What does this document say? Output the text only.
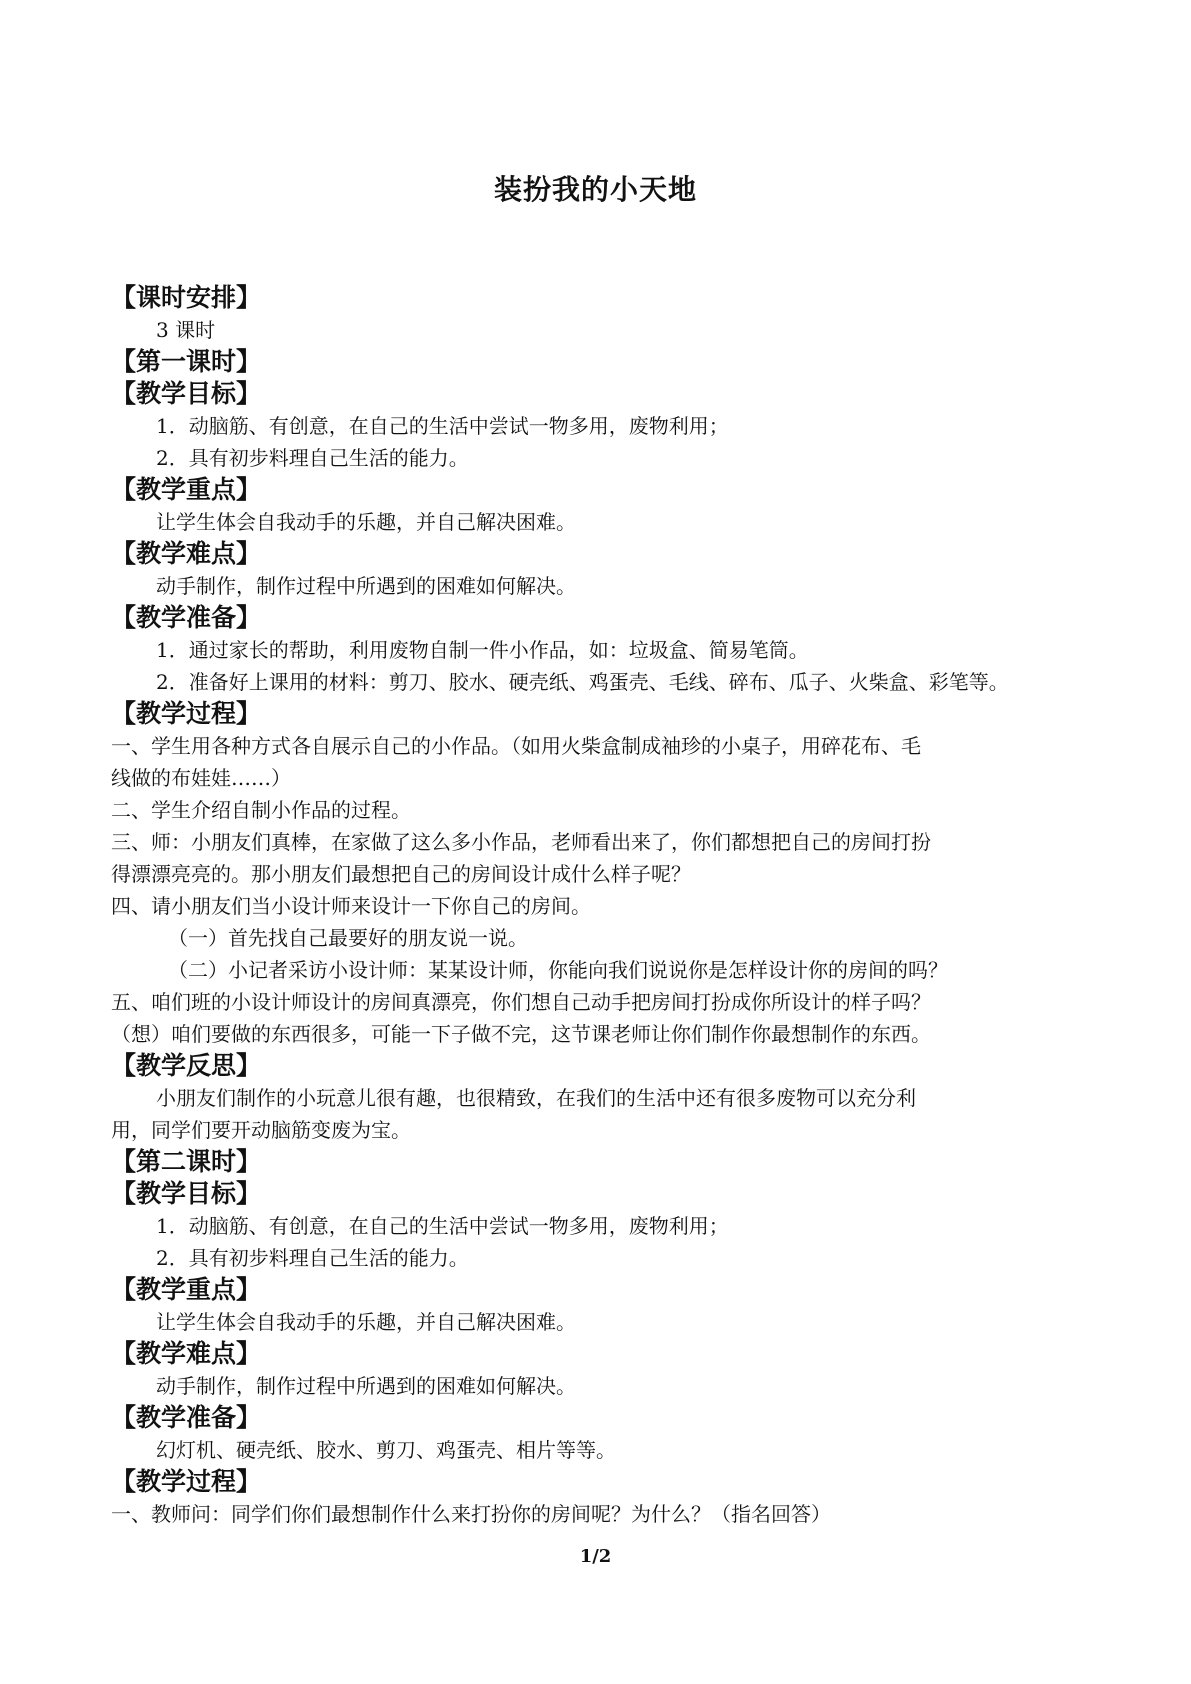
装扮我的小天地
【课时安排】
3 课时
【第一课时】
【教学目标】
1．动脑筋、有创意，在自己的生活中尝试一物多用，废物利用；
2．具有初步料理自己生活的能力。
【教学重点】
让学生体会自我动手的乐趣，并自己解决困难。
【教学难点】
动手制作，制作过程中所遇到的困难如何解决。
【教学准备】
1．通过家长的帮助，利用废物自制一件小作品，如：垃圾盒、简易笔筒。
2．准备好上课用的材料：剪刀、胶水、硬壳纸、鸡蛋壳、毛线、碎布、瓜子、火柴盒、彩笔等。
【教学过程】
一、学生用各种方式各自展示自己的小作品。（如用火柴盒制成袖珍的小桌子，用碎花布、毛
线做的布娃娃……）
二、学生介绍自制小作品的过程。
三、师：小朋友们真棒，在家做了这么多小作品，老师看出来了，你们都想把自己的房间打扮
得漂漂亮亮的。那小朋友们最想把自己的房间设计成什么样子呢？
四、请小朋友们当小设计师来设计一下你自己的房间。
（一）首先找自己最要好的朋友说一说。
（二）小记者采访小设计师：某某设计师，你能向我们说说你是怎样设计你的房间的吗？
五、咱们班的小设计师设计的房间真漂亮，你们想自己动手把房间打扮成你所设计的样子吗？
（想）咱们要做的东西很多，可能一下子做不完，这节课老师让你们制作你最想制作的东西。
【教学反思】
小朋友们制作的小玩意儿很有趣，也很精致，在我们的生活中还有很多废物可以充分利
用，同学们要开动脑筋变废为宝。
【第二课时】
【教学目标】
1．动脑筋、有创意，在自己的生活中尝试一物多用，废物利用；
2．具有初步料理自己生活的能力。
【教学重点】
让学生体会自我动手的乐趣，并自己解决困难。
【教学难点】
动手制作，制作过程中所遇到的困难如何解决。
【教学准备】
幻灯机、硬壳纸、胶水、剪刀、鸡蛋壳、相片等等。
【教学过程】
一、教师问：同学们你们最想制作什么来打扮你的房间呢？为什么？（指名回答）
1/2
